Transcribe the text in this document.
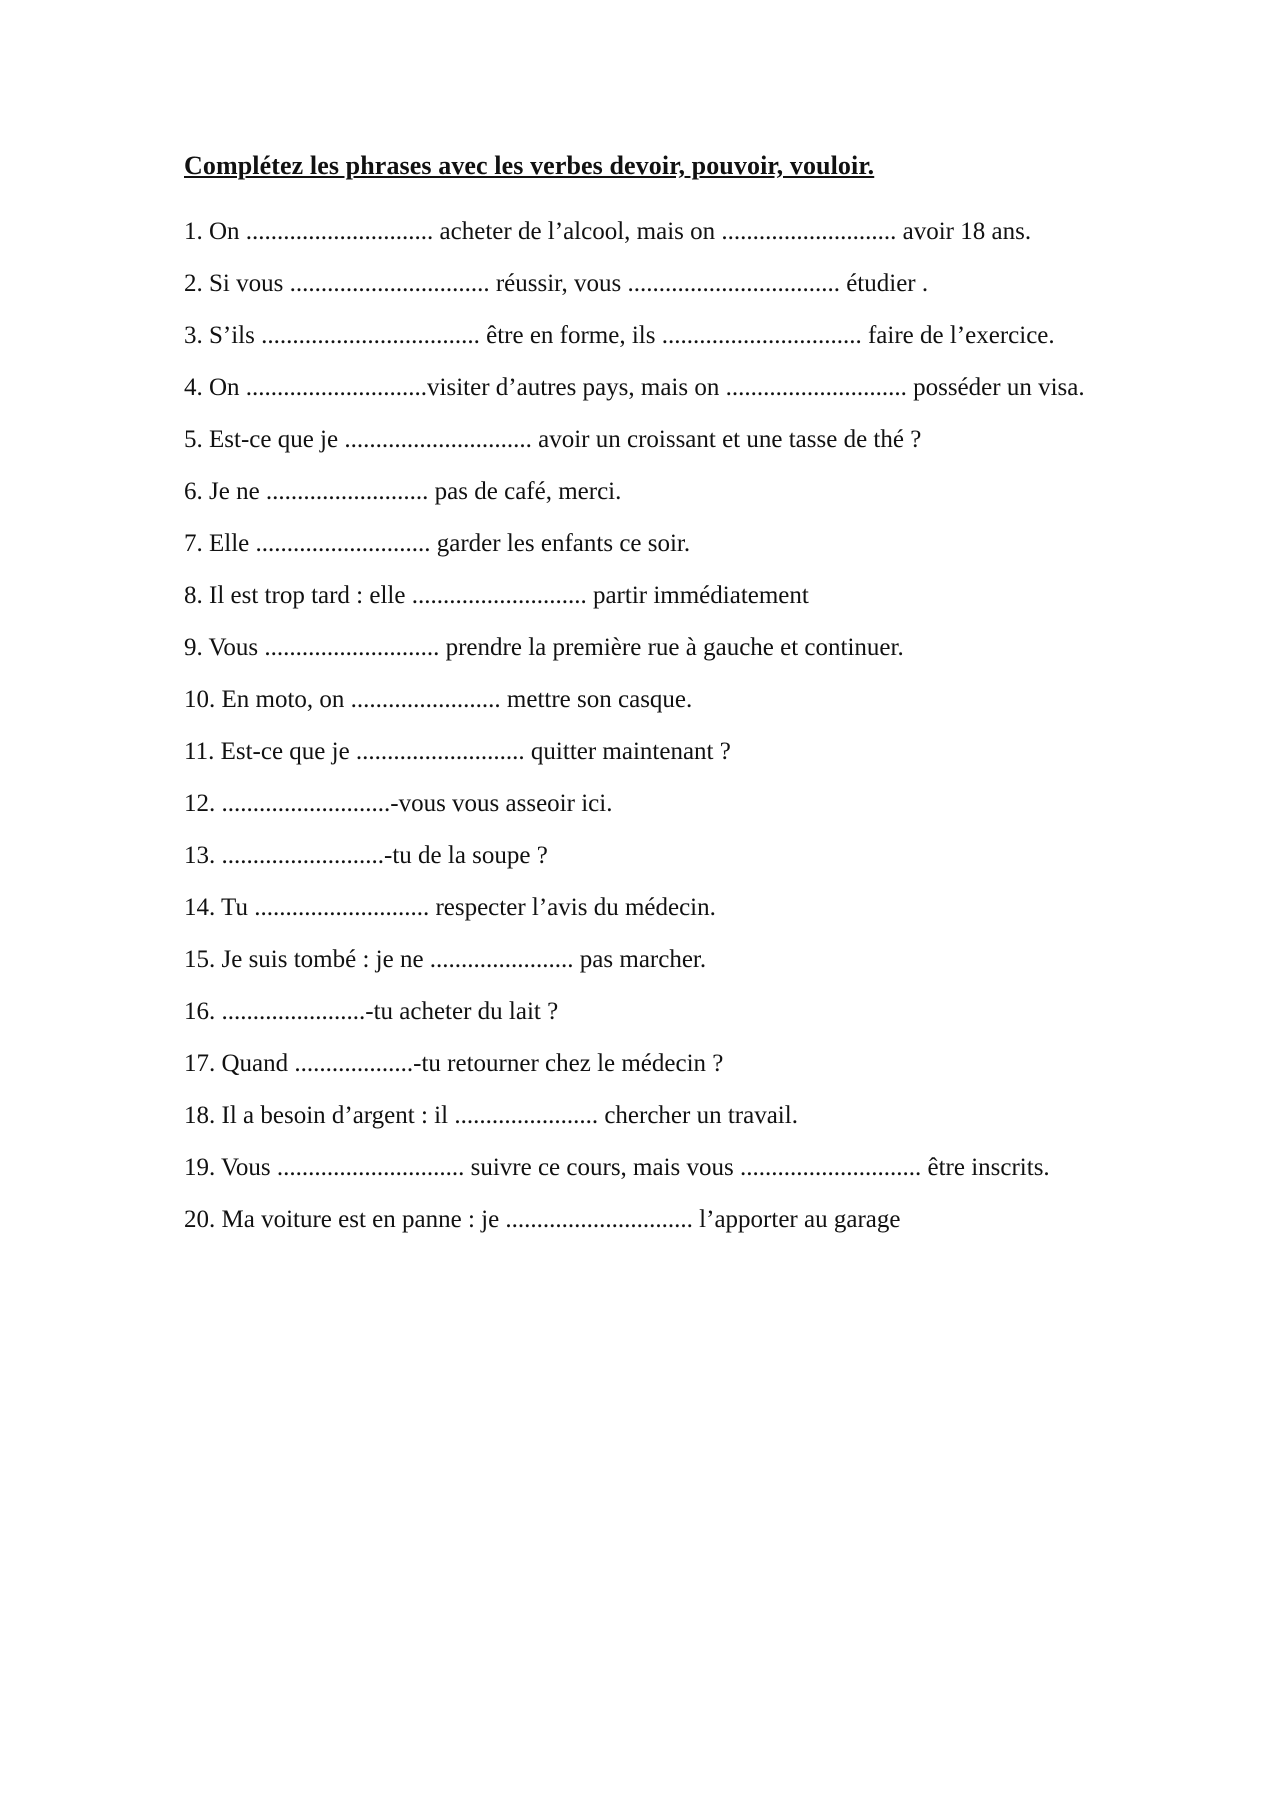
Complétez les phrases avec les verbes devoir, pouvoir, vouloir.
1. On .............................. acheter de l’alcool, mais on ............................ avoir 18 ans.
2. Si vous ................................ réussir, vous .................................. étudier .
3. S’ils ................................... être en forme, ils ................................ faire de l’exercice.
4. On .............................visiter d’autres pays, mais on ............................. posséder un visa.
5. Est-ce que je .............................. avoir un croissant et une tasse de thé ?
6. Je ne .......................... pas de café, merci.
7. Elle ............................ garder les enfants ce soir.
8. Il est trop tard : elle ............................ partir immédiatement
9. Vous ............................ prendre la première rue à gauche et continuer.
10. En moto, on ........................ mettre son casque.
11. Est-ce que je ........................... quitter maintenant ?
12. ...........................-vous vous asseoir ici.
13. ..........................-tu de la soupe ?
14. Tu ............................ respecter l’avis du médecin.
15. Je suis tombé : je ne ....................... pas marcher.
16. .......................-tu acheter du lait ?
17. Quand ...................-tu retourner chez le médecin ?
18. Il a besoin d’argent : il ....................... chercher un travail.
19. Vous .............................. suivre ce cours, mais vous ............................. être inscrits.
20. Ma voiture est en panne : je .............................. l’apporter au garage
